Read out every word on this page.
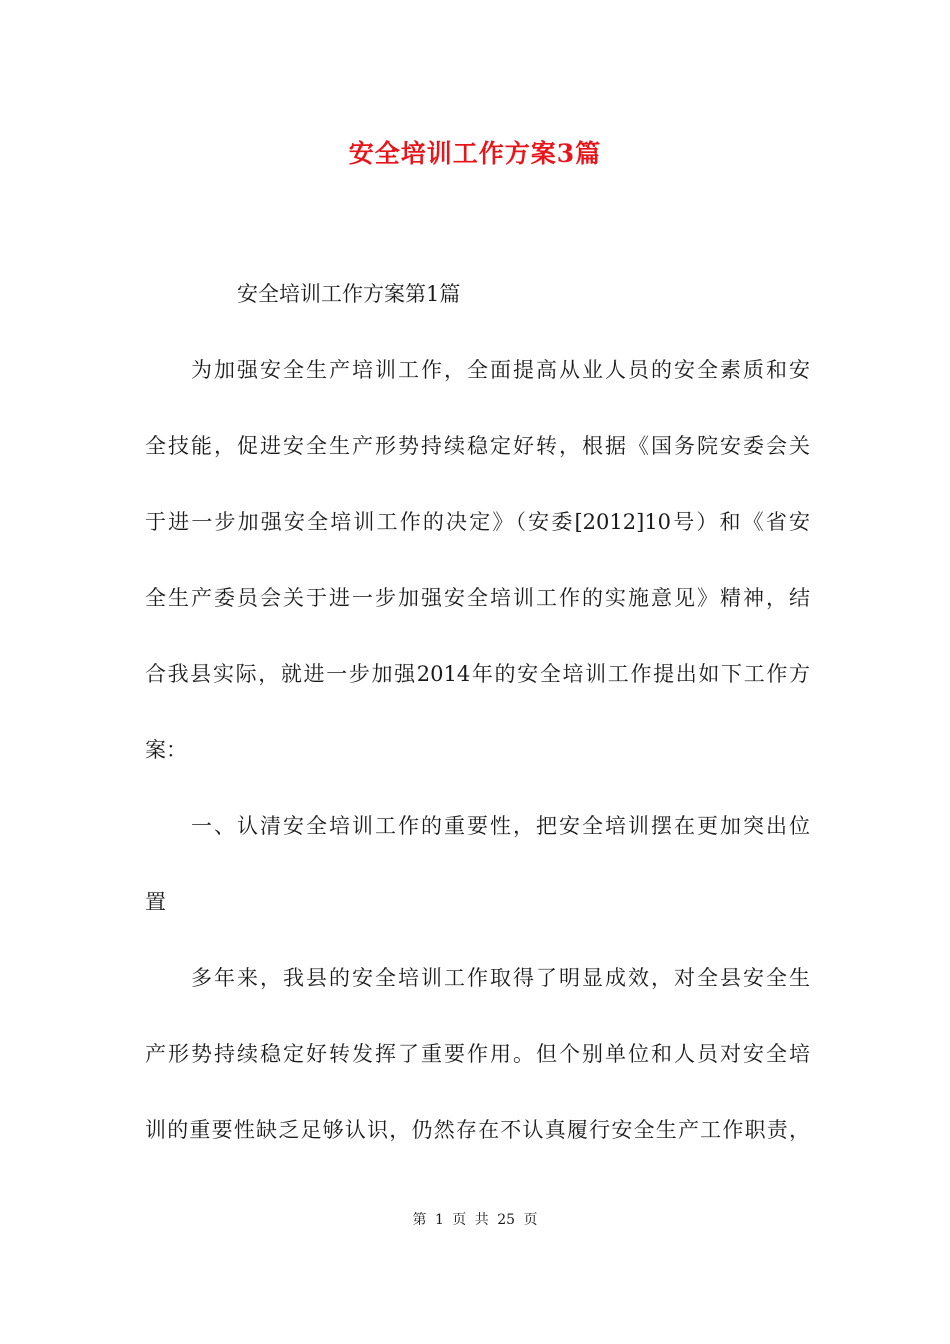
安全培训工作方案3篇
安全培训工作方案第1篇
为加强安全生产培训工作，全面提高从业人员的安全素质和安
全技能，促进安全生产形势持续稳定好转，根据《国务院安委会关
于进一步加强安全培训工作的决定》（安委[2012]10号）和《省安
全生产委员会关于进一步加强安全培训工作的实施意见》精神，结
合我县实际，就进一步加强2014年的安全培训工作提出如下工作方
案：
一、认清安全培训工作的重要性，把安全培训摆在更加突出位
置
多年来，我县的安全培训工作取得了明显成效，对全县安全生
产形势持续稳定好转发挥了重要作用。但个别单位和人员对安全培
训的重要性缺乏足够认识，仍然存在不认真履行安全生产工作职责，
第 1 页 共 25 页
